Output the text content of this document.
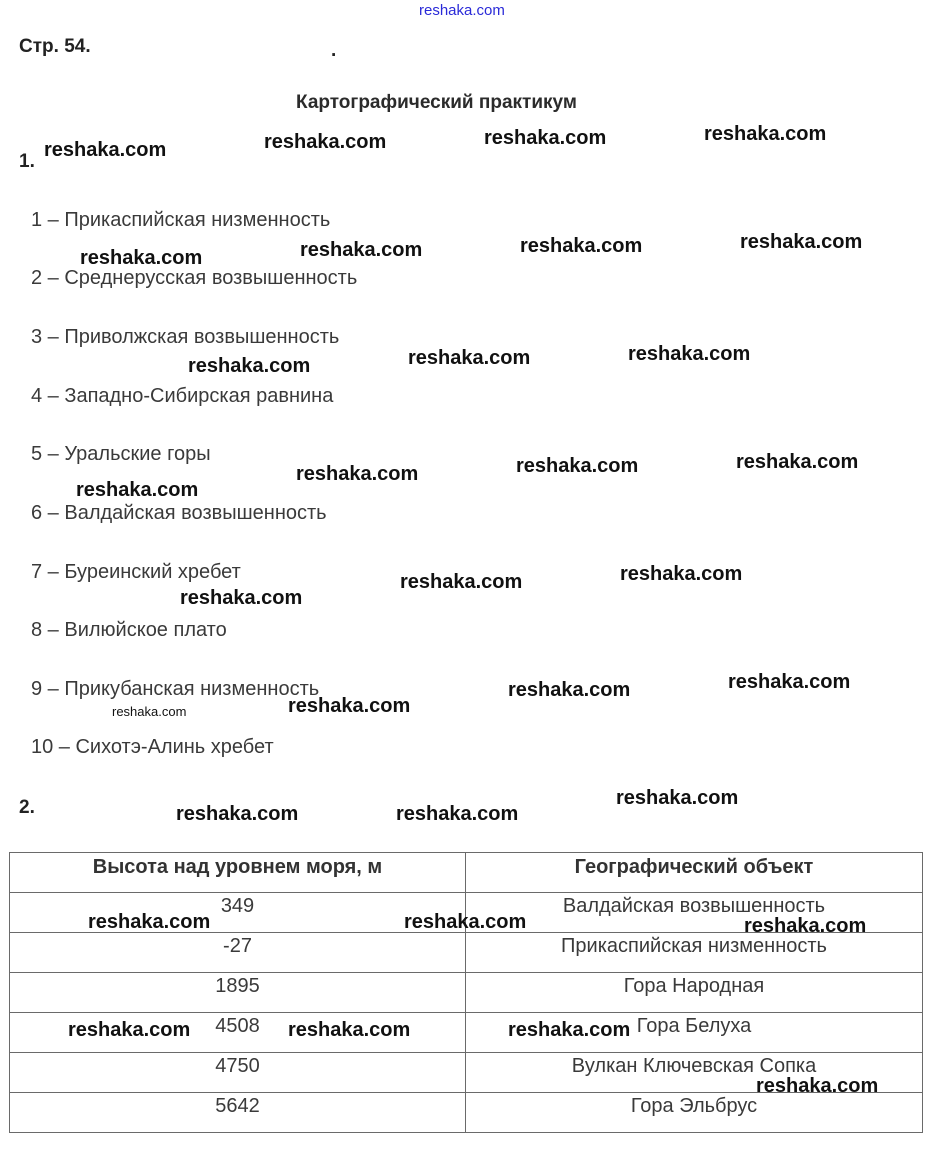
reshaka.com
Стр. 54.	.
Картографический практикум
1.
1 – Прикаспийская низменность
2 – Среднерусская возвышенность
3 – Приволжская возвышенность
4 – Западно-Сибирская равнина
5 – Уральские горы
6 – Валдайская возвышенность
7 – Буреинский хребет
8 – Вилюйское плато
9 – Прикубанская низменность
10 – Сихотэ-Алинь хребет
2.
Высота над уровнем моря, м	Географический объект
349	Валдайская возвышенность
-27	Прикаспийская низменность
1895	Гора Народная
4508	Гора Белуха
4750	Вулкан Ключевская Сопка
5642	Гора Эльбрус
reshaka.com	reshaka.com	reshaka.com	reshaka.com
reshaka.com	reshaka.com	reshaka.com	reshaka.com
reshaka.com	reshaka.com	reshaka.com
reshaka.com	reshaka.com	reshaka.com
reshaka.com
reshaka.com	reshaka.com
reshaka.com
reshaka.com	reshaka.com
reshaka.com
reshaka.com
reshaka.com
reshaka.com	reshaka.com
reshaka.com	reshaka.com	reshaka.com
reshaka.com	reshaka.com	reshaka.com
reshaka.com
